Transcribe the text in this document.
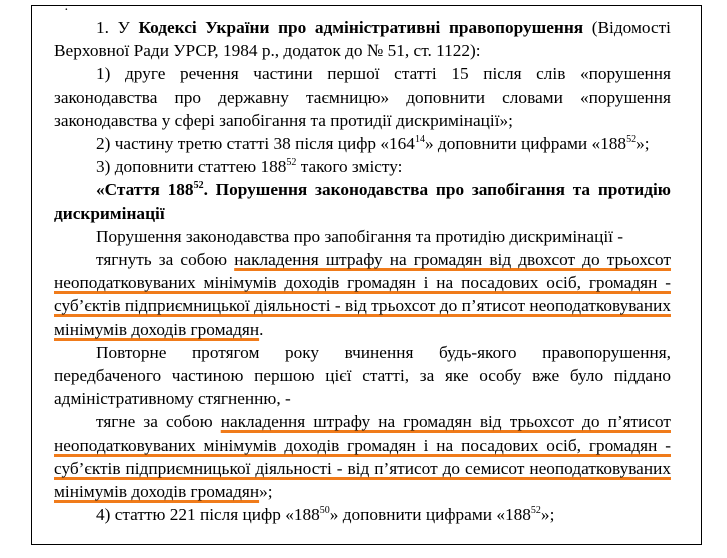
·

1. У Кодексі України про адміністративні правопорушення (Відомості Верховної Ради УРСР, 1984 р., додаток до № 51, ст. 1122):

1) друге речення частини першої статті 15 після слів «порушення законодавства про державну таємницю» доповнити словами «порушення законодавства у сфері запобігання та протидії дискримінації»;

2) частину третю статті 38 після цифр «$164^{14}$» доповнити цифрами «$188^{52}$»;

3) доповнити статтею $188^{52}$ такого змісту:

«Стаття $188^{52}$. Порушення законодавства про запобігання та протидію дискримінації

Порушення законодавства про запобігання та протидію дискримінації -

тягнуть за собою накладення штрафу на громадян від двохсот до трьохсот неоподатковуваних мінімумів доходів громадян і на посадових осіб, громадян - суб’єктів підприємницької діяльності - від трьохсот до п’ятисот неоподатковуваних мінімумів доходів громадян.

Повторне протягом року вчинення будь-якого правопорушення, передбаченого частиною першою цієї статті, за яке особу вже було піддано адміністративному стягненню, -

тягне за собою накладення штрафу на громадян від трьохсот до п’ятисот неоподатковуваних мінімумів доходів громадян і на посадових осіб, громадян - суб’єктів підприємницької діяльності - від п’ятисот до семисот неоподатковуваних мінімумів доходів громадян»;

4) статтю 221 після цифр «$188^{50}$» доповнити цифрами «$188^{52}$»;
